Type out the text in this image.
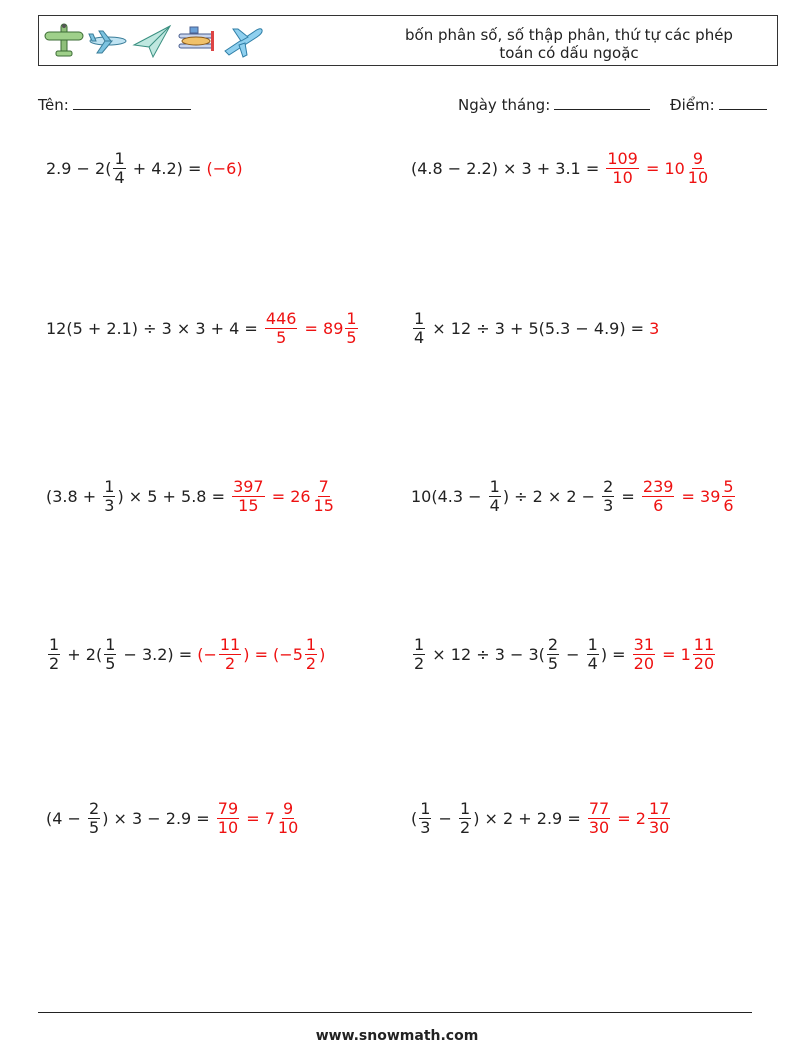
bốn phân số, số thập phân, thứ tự các phép
toán có dấu ngoặc
Tên:	Ngày tháng:	Điểm:
$2.9 - 2( \frac{1}{4} + 4.2) = (-6)$	$(4.8 - 2.2) \times 3 + 3.1 = \frac{109}{10} = 10 \frac{9}{10}$
$12(5 + 2.1) \div 3 \times 3 + 4 = \frac{446}{5} = 89 \frac{1}{5}$	$\frac{1}{4} \times 12 \div 3 + 5(5.3 - 4.9) = 3$
($3.8 + \frac{1}{3}$ ) × $5 + 5.8 = \frac{397}{15} = 26 \frac{7}{15}$	$10(4.3 - \frac{1}{4}$ ) ÷ $2 \times 2 - \frac{2}{3} = \frac{239}{6} = 39 \frac{5}{6}$
$\frac{1}{2} + 2( \frac{1}{5} - 3.2)$ = (− $\frac{11}{2}$ ) = ($-5 \frac{1}{2}$ )	$\frac{1}{2} \times 12 \div 3 - 3( \frac{2}{5} - \frac{1}{4}$ ) = $\frac{31}{20} = 1 \frac{11}{20}$
($4 - \frac{2}{5}$ ) × $3 - 2.9 = \frac{79}{10} = 7 \frac{9}{10}$	( $\frac{1}{3} - \frac{1}{2}$ ) × $2 + 2.9 = \frac{77}{30} = 2 \frac{17}{30}$
www.snowmath.com
